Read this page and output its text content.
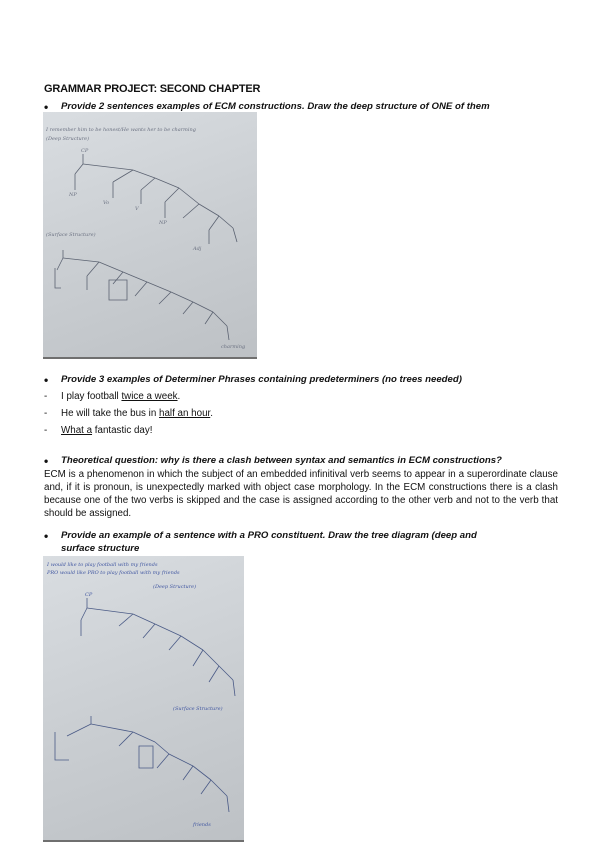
GRAMMAR PROJECT: SECOND CHAPTER
• Provide 2 sentences examples of ECM constructions. Draw the deep structure of ONE of them
I remember him to be honest/He wants her to be charming
(Deep Structure)
CP
NP
Vo
V
NP
Adj
(Surface Structure)
charming
• Provide 3 examples of Determiner Phrases containing predeterminers (no trees needed)
- I play football twice a week.
- He will take the bus in half an hour.
- What a fantastic day!
• Theoretical question: why is there a clash between syntax and semantics in ECM constructions?
ECM is a phenomenon in which the subject of an embedded infinitival verb seems to appear in a superordinate clause and, if it is pronoun, is unexpectedly marked with object case morphology. In the ECM constructions there is a clash because one of the two verbs is skipped and the case is assigned according to the other verb and not to the verb that should be assigned.
• Provide an example of a sentence with a PRO constituent. Draw the tree diagram (deep and
surface structure
I would like to play football with my friends
PRO would like PRO to play football with my friends
(Deep Structure)
CP
(Surface Structure)
friends
